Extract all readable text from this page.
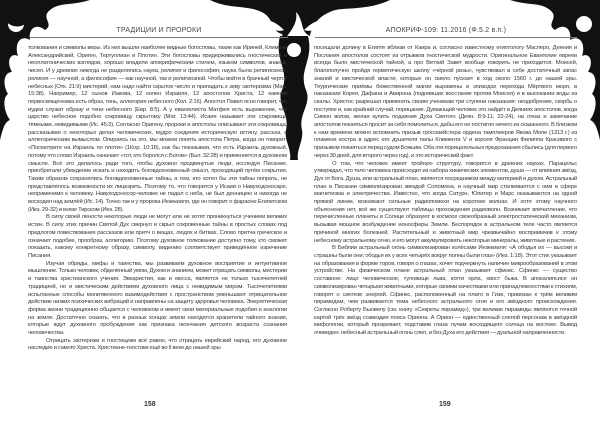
ТРАДИЦИИ И ПРОРОКИ

толкования и символы веры. Из них вышли наиболее видные богословы, такие как Ириней, Климент Александрийский, Ориген, Тертуллиан и Плотин. Эти богословы придерживались гностических и неоплатонических взглядов, хорошо владели апокрифическим стилем, языком символов, знаков, чисел. И у древних никогда не разделялись наука, религия и философия; наука была религиозной, религия — научной, а философия — как научной, так и религиозной. Чтобы войти в брачный чертог небесных (Отк. 21:9) мистерий, нам надо найти скрытое число и припадать к зеву эзотеризма (Мар. 15:38). Например, 12 сынов Иакова, 12 колен Израиля, 12 апостолов Христа, 12 камней первосвященника есть образ, тень, аллегория небесного (Кол. 2:16). Апостол Павел ясно говорит, что иудеи служат образу и тени небесного (Евр. 8:5). А у евангелиста Матфея есть выражение, что царство небесное подобно сокровищу скрытому (Мат. 13:44). Исаия называет эти сокровища тёмными, невидимыми (Ис. 45:3). Согласно Оригену, пророки и апостолы описывают эти сокровища, рассказывая о некоторых делах человеческих, мудро соединяя историческую истину, рассказ, с аллегорическим вымыслом. Опираясь на это, мы можем понять апостола Петра, когда он говорит: «Посмотрите на Израиль по плоти» (1Кор. 10:18), как бы показывая, что есть Израиль духовный, потому что слово Израиль означает «тот, кто боролся с Богом» (Быт. 32:28) и применяется в духовном смысле. Всё это делалось ради того, чтобы духовно продвинутые люди, исследуя Писание, приобретали убеждение искать и находить боговдохновенный смысл, проходящий путём сокрытия. Таким образом сохранялись боговдохновенные тайны, а тем, кто хотел бы эти тайны попрать, не представлялось возможности их лицезреть. Поэтому то, что говорится у Исаии о Навуходоносаре, неприменимо к человеку. Навуходоносор-человек не падал с неба, не был денницею и никогда не восходил над землёй (Ис. 14). Точно так и у пророка Иезекииля, где он говорит о фараоне Египетском (Иез. 29-32) и князе Тирском (Иез. 28).

В силу своей лености некоторые люди не могут или не хотят проникнуться учением великих истин. В силу этих причин Святой Дух свернул и скрыл сокровенные тайны в простых словах под предлогом повествования рассказов или притч о вещах, людях и битвах. Слово притча греческое и означает подобие, прообраз, аллегорию. Поэтому духовное толкование доступно тому, кто сможет показать, какому конкретному образу, символу, видению соответствует приведённое изречение Писания.

Изучая обряды, мифы и таинства, мы развиваем духовное восприятие и интуитивное мышление. Только человек, обделённый умом, Духом и знанием, может отрицать символы, мистерии и таинства христианского учения. Эвхаристия, как и месса, является не только тысячелетней традицией, но и мистическим действием духовного лица с невидимым миром. Тысячелетиями испытанные способы молитвенного взаимодействия с пространством уменьшают отрицательное действие низких психических вибраций и направлены на защиту здоровья человека. Энергетическая форма жизни традиционно общается с человеком и имеет свои материальные подобия и аналогии на земле. Достаточно сказать, что в разных концах земли находятся хранители тайного знания, которые ждут духовного пробуждения как признака окончания детского возраста сознания человечества.

Отрицать эзотеризм и гностицизм всё равно, что отрицать еврейский народ, его духовное наследие и самого Христа. Христиане-гностики ещё во II веке до нашей эры

158
АПОКРИФ-109: 11.2016 (Ф.5.2 в.п.)

посещали долину в Египте вблизи от Каира и, согласно известному египтологу Масперо, Деяния и Послания апостолов состоят из отрывков гностической мудрости. Оригинальное Евангелие евреев всегда было мистической тайной, а про Ветхий Завет вообще говорить не приходится. Моисей, благополучно пройдя герметическую школу «чёрной ризы», чувствовал в себе достаточный запас знаний и мистической власти, которые он смело пускает в ход около 1560 г. до нашей эры. Теургические приёмы божественной магии выражены в эпизодах перехода Мёртвого моря, в наказании Корея, Дафана и Авирона (поднявших восстание против Моисея) и в высекании воды из скалы. Христос разрешал применять своим ученикам три ступени наказания: неодобрение, скорбь о поступке и, как крайний случай, порицание. Думающий человек это найдёт в Деяниях апостолов, когда Симон волхв, желая купить подаяния Духа Святого (Деян. 8:9-11; 22-24), на отказ и замечание апостолов покаяться просит за себя помолиться, дабы его не постигло ничего из сказанного. В близком к нам времени можно вспомнить призыв гроссмейстера ордена тамплиеров Якова Моле (1313 г.) из пламени костра в адрес его душителя папы Климента V и короля Франции Филиппа Красивого с призывом покаяться перед судом Божьим. Оба эти порицательных предсказания сбылись (для первого через 30 дней, для второго через год), и это исторический факт.

О том, что человек имеет тройную структуру, говорится в древних науках. Парацельс утверждал, что тело человека происходит из набора химических элементов, душа — от влияния звёзд, Дух от Бога. Душа, или астральный план, является посредником между материей и духом. Астральный план в Писании символизирован звездой Соломона, и научный мир сталкивается с ним в сфере магнетизма и электричества. Известно, что когда Сатурн, Юпитер и Марс оказываются на одной прямой линии, возникают сильные радиопомехи на коротких волнах. И хотя этому научного объяснения нет, всё же существуют таблицы прохождения радиоволн. Возникает впечатление, что перечисленные планеты и Солнце образуют в космосе своеобразный электростатический механизм, вызывая мощное возбуждение ионосферы Земли. Беспорядок в астральном теле часто является причиной многих болезней. Растительный и животный мир чрезвычайно восприимчив к этому небесному астральному огню, и его могут аккумулировать некоторые минералы, животные и растения.

В Библии астральный огонь символизирован колёсами Иезекииля: «А ободья их — высоки и страшны были они; ободья их у всех четырёх вокруг полны были глаз» (Иез. 1:18). Этот стих указывает на образования в форме торов, говоря о глазах, хочет подчеркнуть наличие микрообразований в этом устройстве. На физическом плане астральный план указывает сфинкс. Сфинкс — существо составное: лицо человеческое, туловище льва, когти орла, хвост быка. В апокалипсисе он символизирован четырьмя животными, которые своими качествами или принадлежностями к стихиям, говорят о синтезе энергий. Сфинкс, расположенный на плато в Гизе, привязан к трём великим пирамидам, чем развивается тема небесного астрального огня и его звёздного происхождения. Согласно Роберту Бьювелу (см. книгу «Секреты пирамид»), три великие пирамиды являются точной картой трёх звёзд созвездия пояса Ориона. А Орион — единственный слепой персонаж в звёздной мифологии, который прозревает, подставив глаза лучам восходящего солнца на востоке. Вывод очевиден: небесный астральный огонь слеп, и без Духа его действия — дуальной направленности.

159
